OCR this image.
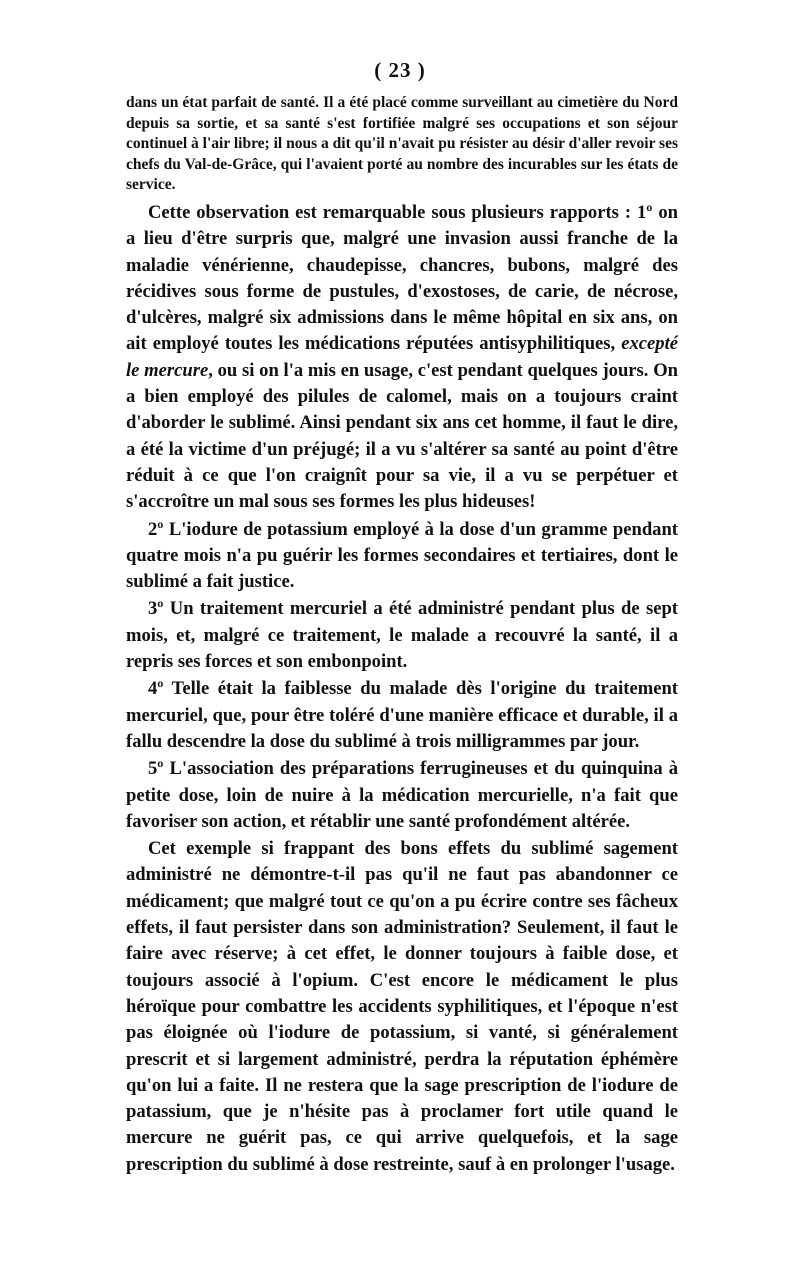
( 23 )

dans un état parfait de santé. Il a été placé comme surveillant au cimetière du Nord depuis sa sortie, et sa santé s'est fortifiée malgré ses occupations et son séjour continuel à l'air libre; il nous a dit qu'il n'avait pu résister au désir d'aller revoir ses chefs du Val-de-Grâce, qui l'avaient porté au nombre des incurables sur les états de service.

Cette observation est remarquable sous plusieurs rapports : 1º on a lieu d'être surpris que, malgré une invasion aussi franche de la maladie vénérienne, chaudepisse, chancres, bubons, malgré des récidives sous forme de pustules, d'exostoses, de carie, de nécrose, d'ulcères, malgré six admissions dans le même hôpital en six ans, on ait employé toutes les médications réputées antisyphilitiques, excepté le mercure, ou si on l'a mis en usage, c'est pendant quelques jours. On a bien employé des pilules de calomel, mais on a toujours craint d'aborder le sublimé. Ainsi pendant six ans cet homme, il faut le dire, a été la victime d'un préjugé; il a vu s'altérer sa santé au point d'être réduit à ce que l'on craignît pour sa vie, il a vu se perpétuer et s'accroître un mal sous ses formes les plus hideuses!

2º L'iodure de potassium employé à la dose d'un gramme pendant quatre mois n'a pu guérir les formes secondaires et tertiaires, dont le sublimé a fait justice.

3º Un traitement mercuriel a été administré pendant plus de sept mois, et, malgré ce traitement, le malade a recouvré la santé, il a repris ses forces et son embonpoint.

4º Telle était la faiblesse du malade dès l'origine du traitement mercuriel, que, pour être toléré d'une manière efficace et durable, il a fallu descendre la dose du sublimé à trois milligrammes par jour.

5º L'association des préparations ferrugineuses et du quinquina à petite dose, loin de nuire à la médication mercurielle, n'a fait que favoriser son action, et rétablir une santé profondément altérée.

Cet exemple si frappant des bons effets du sublimé sagement administré ne démontre-t-il pas qu'il ne faut pas abandonner ce médicament; que malgré tout ce qu'on a pu écrire contre ses fâcheux effets, il faut persister dans son administration? Seulement, il faut le faire avec réserve; à cet effet, le donner toujours à faible dose, et toujours associé à l'opium. C'est encore le médicament le plus héroïque pour combattre les accidents syphilitiques, et l'époque n'est pas éloignée où l'iodure de potassium, si vanté, si généralement prescrit et si largement administré, perdra la réputation éphémère qu'on lui a faite. Il ne restera que la sage prescription de l'iodure de patassium, que je n'hésite pas à proclamer fort utile quand le mercure ne guérit pas, ce qui arrive quelquefois, et la sage prescription du sublimé à dose restreinte, sauf à en prolonger l'usage.
